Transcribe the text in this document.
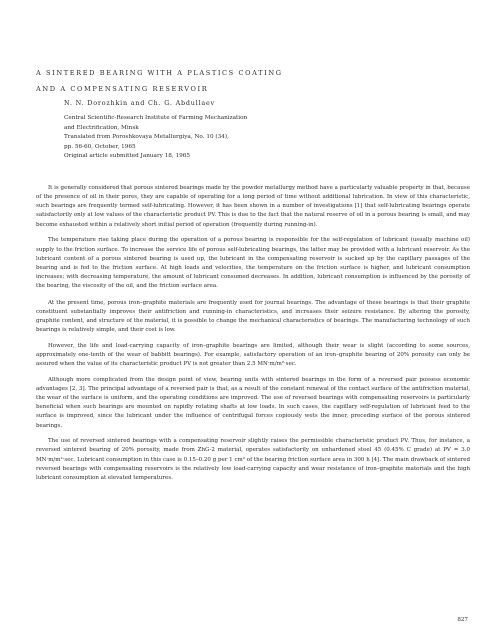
A SINTERED BEARING WITH A PLASTICS COATING
AND A COMPENSATING RESERVOIR
N. N. Dorozhkin and Ch. G. Abdullaev
Central Scientific-Research Institute of Farming Mechanization
and Electrification, Minsk
Translated from Poroshkovaya Metallurgiya, No. 10 (34),
pp. 56-60, October, 1965
Original article submitted January 18, 1965

It is generally considered that porous sintered bearings made by the powder metallurgy method have a particularly valuable property in that, because of the presence of oil in their pores, they are capable of operating for a long period of time without additional lubrication. In view of this characteristic, such bearings are frequently termed self-lubricating. However, it has been shown in a number of investigations [1] that self-lubricating bearings operate satisfactorily only at low values of the characteristic product PV. This is due to the fact that the natural reserve of oil in a porous bearing is small, and may become exhausted within a relatively short initial period of operation (frequently during running-in).

The temperature rise taking place during the operation of a porous bearing is responsible for the self-regulation of lubricant (usually machine oil) supply to the friction surface. To increase the service life of porous self-lubricating bearings, the latter may be provided with a lubricant reservoir. As the lubricant content of a porous sintered bearing is used up, the lubricant in the compensating reservoir is sucked up by the capillary passages of the bearing and is fed to the friction surface. At high loads and velocities, the temperature on the friction surface is higher, and lubricant consumption increases; with decreasing temperature, the amount of lubricant consumed decreases. In addition, lubricant consumption is influenced by the porosity of the bearing, the viscosity of the oil, and the friction surface area.

At the present time, porous iron–graphite materials are frequently used for journal bearings. The advantage of these bearings is that their graphite constituent substantially improves their antifriction and running-in characteristics, and increases their seizure resistance. By altering the porosity, graphite content, and structure of the material, it is possible to change the mechanical characteristics of bearings. The manufacturing technology of such bearings is relatively simple, and their cost is low.

However, the life and load-carrying capacity of iron–graphite bearings are limited, although their wear is slight (according to some sources, approximately one-tenth of the wear of babbitt bearings). For example, satisfactory operation of an iron–graphite bearing of 20% porosity can only be assured when the value of its characteristic product PV is not greater than 2.5 MN·m/m²·sec.

Although more complicated from the design point of view, bearing units with sintered bearings in the form of a reversed pair possess economic advantages [2, 3]. The principal advantage of a reversed pair is that, as a result of the constant renewal of the contact surface of the antifriction material, the wear of the surface is uniform, and the operating conditions are improved. The use of reversed bearings with compensating reservoirs is particularly beneficial when such bearings are mounted on rapidly rotating shafts at low loads. In such cases, the capillary self-regulation of lubricant feed to the surface is improved, since the lubricant under the influence of centrifugal forces copiously wets the inner, preceding surface of the porous sintered bearings.

The use of reversed sintered bearings with a compensating reservoir slightly raises the permissible characteristic product PV. Thus, for instance, a reversed sintered bearing of 20% porosity, made from ZhG-2 material, operates satisfactorily on unhardened steel 45 (0.45% C grade) at PV = 3.0 MN·m/m²·sec. Lubricant consumption in this case is 0.15–0.20 g per 1 cm² of the bearing friction surface area in 300 h [4]. The main drawback of sintered reversed bearings with compensating reservoirs is the relatively low load-carrying capacity and wear resistance of iron–graphite materials and the high lubricant consumption at elevated temperatures.

827
